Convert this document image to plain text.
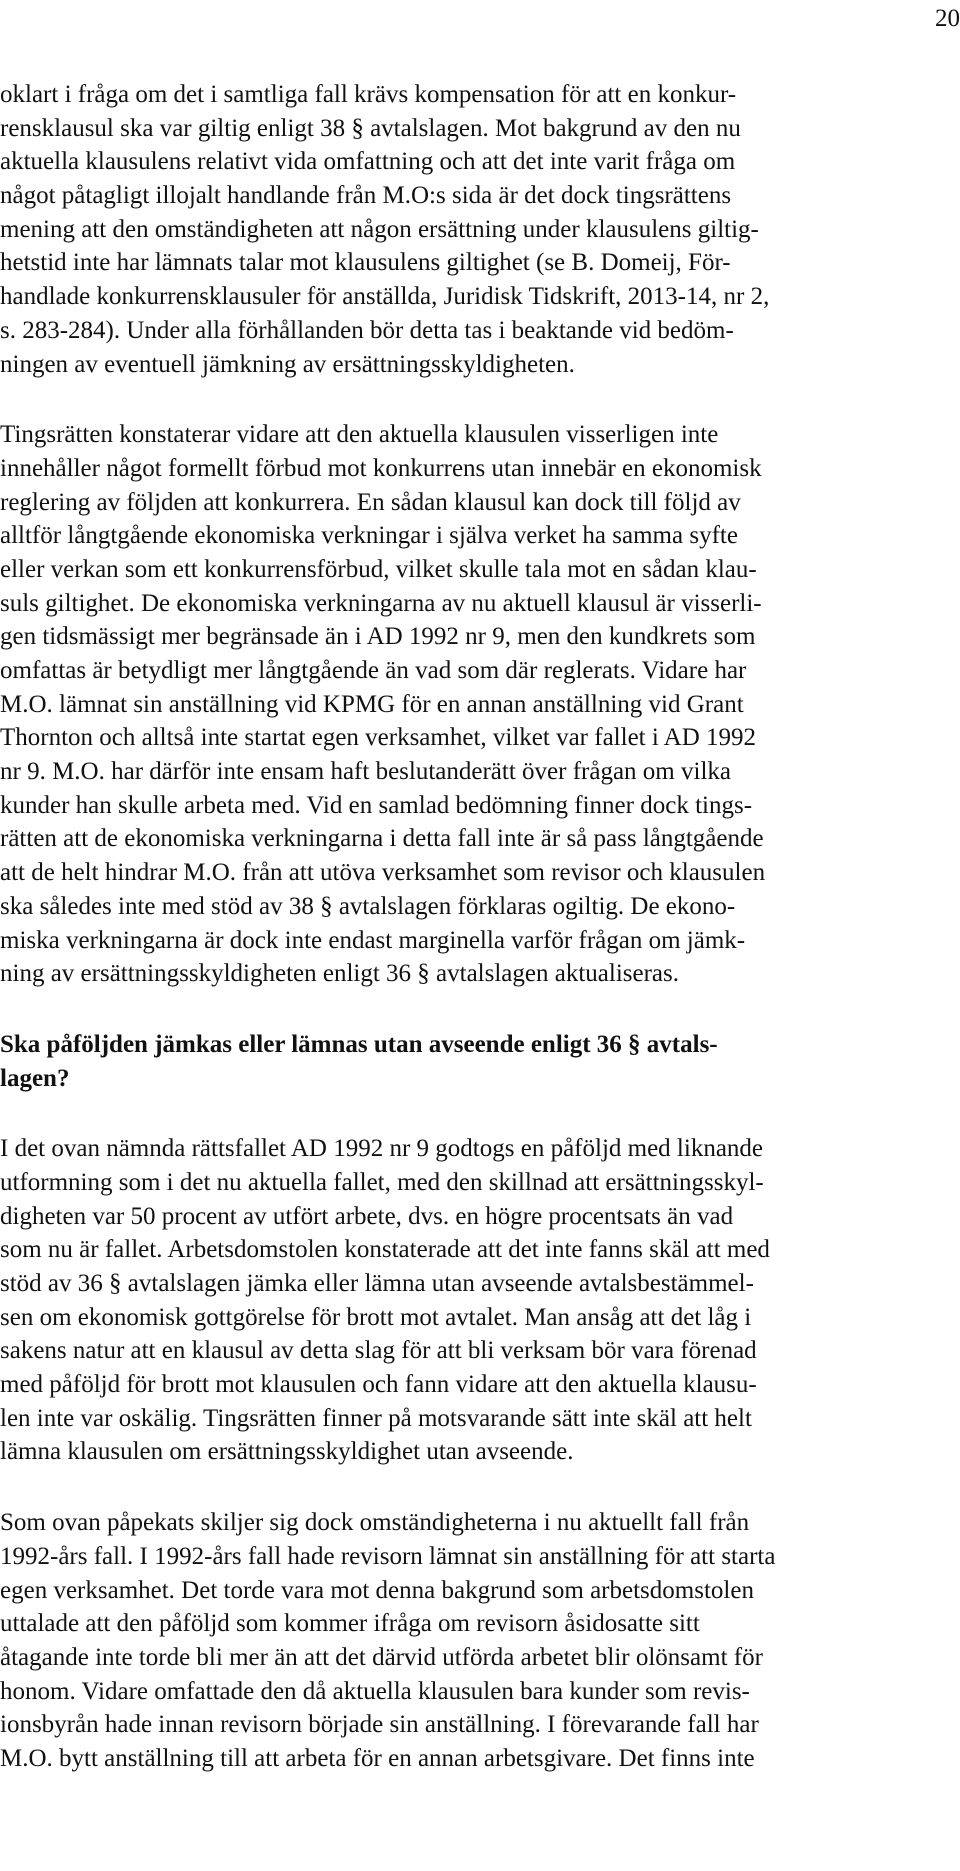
20
oklart i fråga om det i samtliga fall krävs kompensation för att en konkur-
rensklausul ska var giltig enligt 38 § avtalslagen. Mot bakgrund av den nu
aktuella klausulens relativt vida omfattning och att det inte varit fråga om
något påtagligt illojalt handlande från M.O:s sida är det dock tingsrättens
mening att den omständigheten att någon ersättning under klausulens giltig-
hetstid inte har lämnats talar mot klausulens giltighet (se B. Domeij, För-
handlade konkurrensklausuler för anställda, Juridisk Tidskrift, 2013-14, nr 2,
s. 283-284). Under alla förhållanden bör detta tas i beaktande vid bedöm-
ningen av eventuell jämkning av ersättningsskyldigheten.
Tingsrätten konstaterar vidare att den aktuella klausulen visserligen inte
innehåller något formellt förbud mot konkurrens utan innebär en ekonomisk
reglering av följden att konkurrera. En sådan klausul kan dock till följd av
alltför långtgående ekonomiska verkningar i själva verket ha samma syfte
eller verkan som ett konkurrensförbud, vilket skulle tala mot en sådan klau-
suls giltighet. De ekonomiska verkningarna av nu aktuell klausul är visserli-
gen tidsmässigt mer begränsade än i AD 1992 nr 9, men den kundkrets som
omfattas är betydligt mer långtgående än vad som där reglerats. Vidare har
M.O. lämnat sin anställning vid KPMG för en annan anställning vid Grant
Thornton och alltså inte startat egen verksamhet, vilket var fallet i AD 1992
nr 9. M.O. har därför inte ensam haft beslutanderätt över frågan om vilka
kunder han skulle arbeta med. Vid en samlad bedömning finner dock tings-
rätten att de ekonomiska verkningarna i detta fall inte är så pass långtgående
att de helt hindrar M.O. från att utöva verksamhet som revisor och klausulen
ska således inte med stöd av 38 § avtalslagen förklaras ogiltig. De ekono-
miska verkningarna är dock inte endast marginella varför frågan om jämk-
ning av ersättningsskyldigheten enligt 36 § avtalslagen aktualiseras.
Ska påföljden jämkas eller lämnas utan avseende enligt 36 § avtals-
lagen?
I det ovan nämnda rättsfallet AD 1992 nr 9 godtogs en påföljd med liknande
utformning som i det nu aktuella fallet, med den skillnad att ersättningsskyl-
digheten var 50 procent av utfört arbete, dvs. en högre procentsats än vad
som nu är fallet. Arbetsdomstolen konstaterade att det inte fanns skäl att med
stöd av 36 § avtalslagen jämka eller lämna utan avseende avtalsbestämmel-
sen om ekonomisk gottgörelse för brott mot avtalet. Man ansåg att det låg i
sakens natur att en klausul av detta slag för att bli verksam bör vara förenad
med påföljd för brott mot klausulen och fann vidare att den aktuella klausu-
len inte var oskälig. Tingsrätten finner på motsvarande sätt inte skäl att helt
lämna klausulen om ersättningsskyldighet utan avseende.
Som ovan påpekats skiljer sig dock omständigheterna i nu aktuellt fall från
1992-års fall. I 1992-års fall hade revisorn lämnat sin anställning för att starta
egen verksamhet. Det torde vara mot denna bakgrund som arbetsdomstolen
uttalade att den påföljd som kommer ifråga om revisorn åsidosatte sitt
åtagande inte torde bli mer än att det därvid utförda arbetet blir olönsamt för
honom. Vidare omfattade den då aktuella klausulen bara kunder som revis-
ionsbyrån hade innan revisorn började sin anställning. I förevarande fall har
M.O. bytt anställning till att arbeta för en annan arbetsgivare. Det finns inte
